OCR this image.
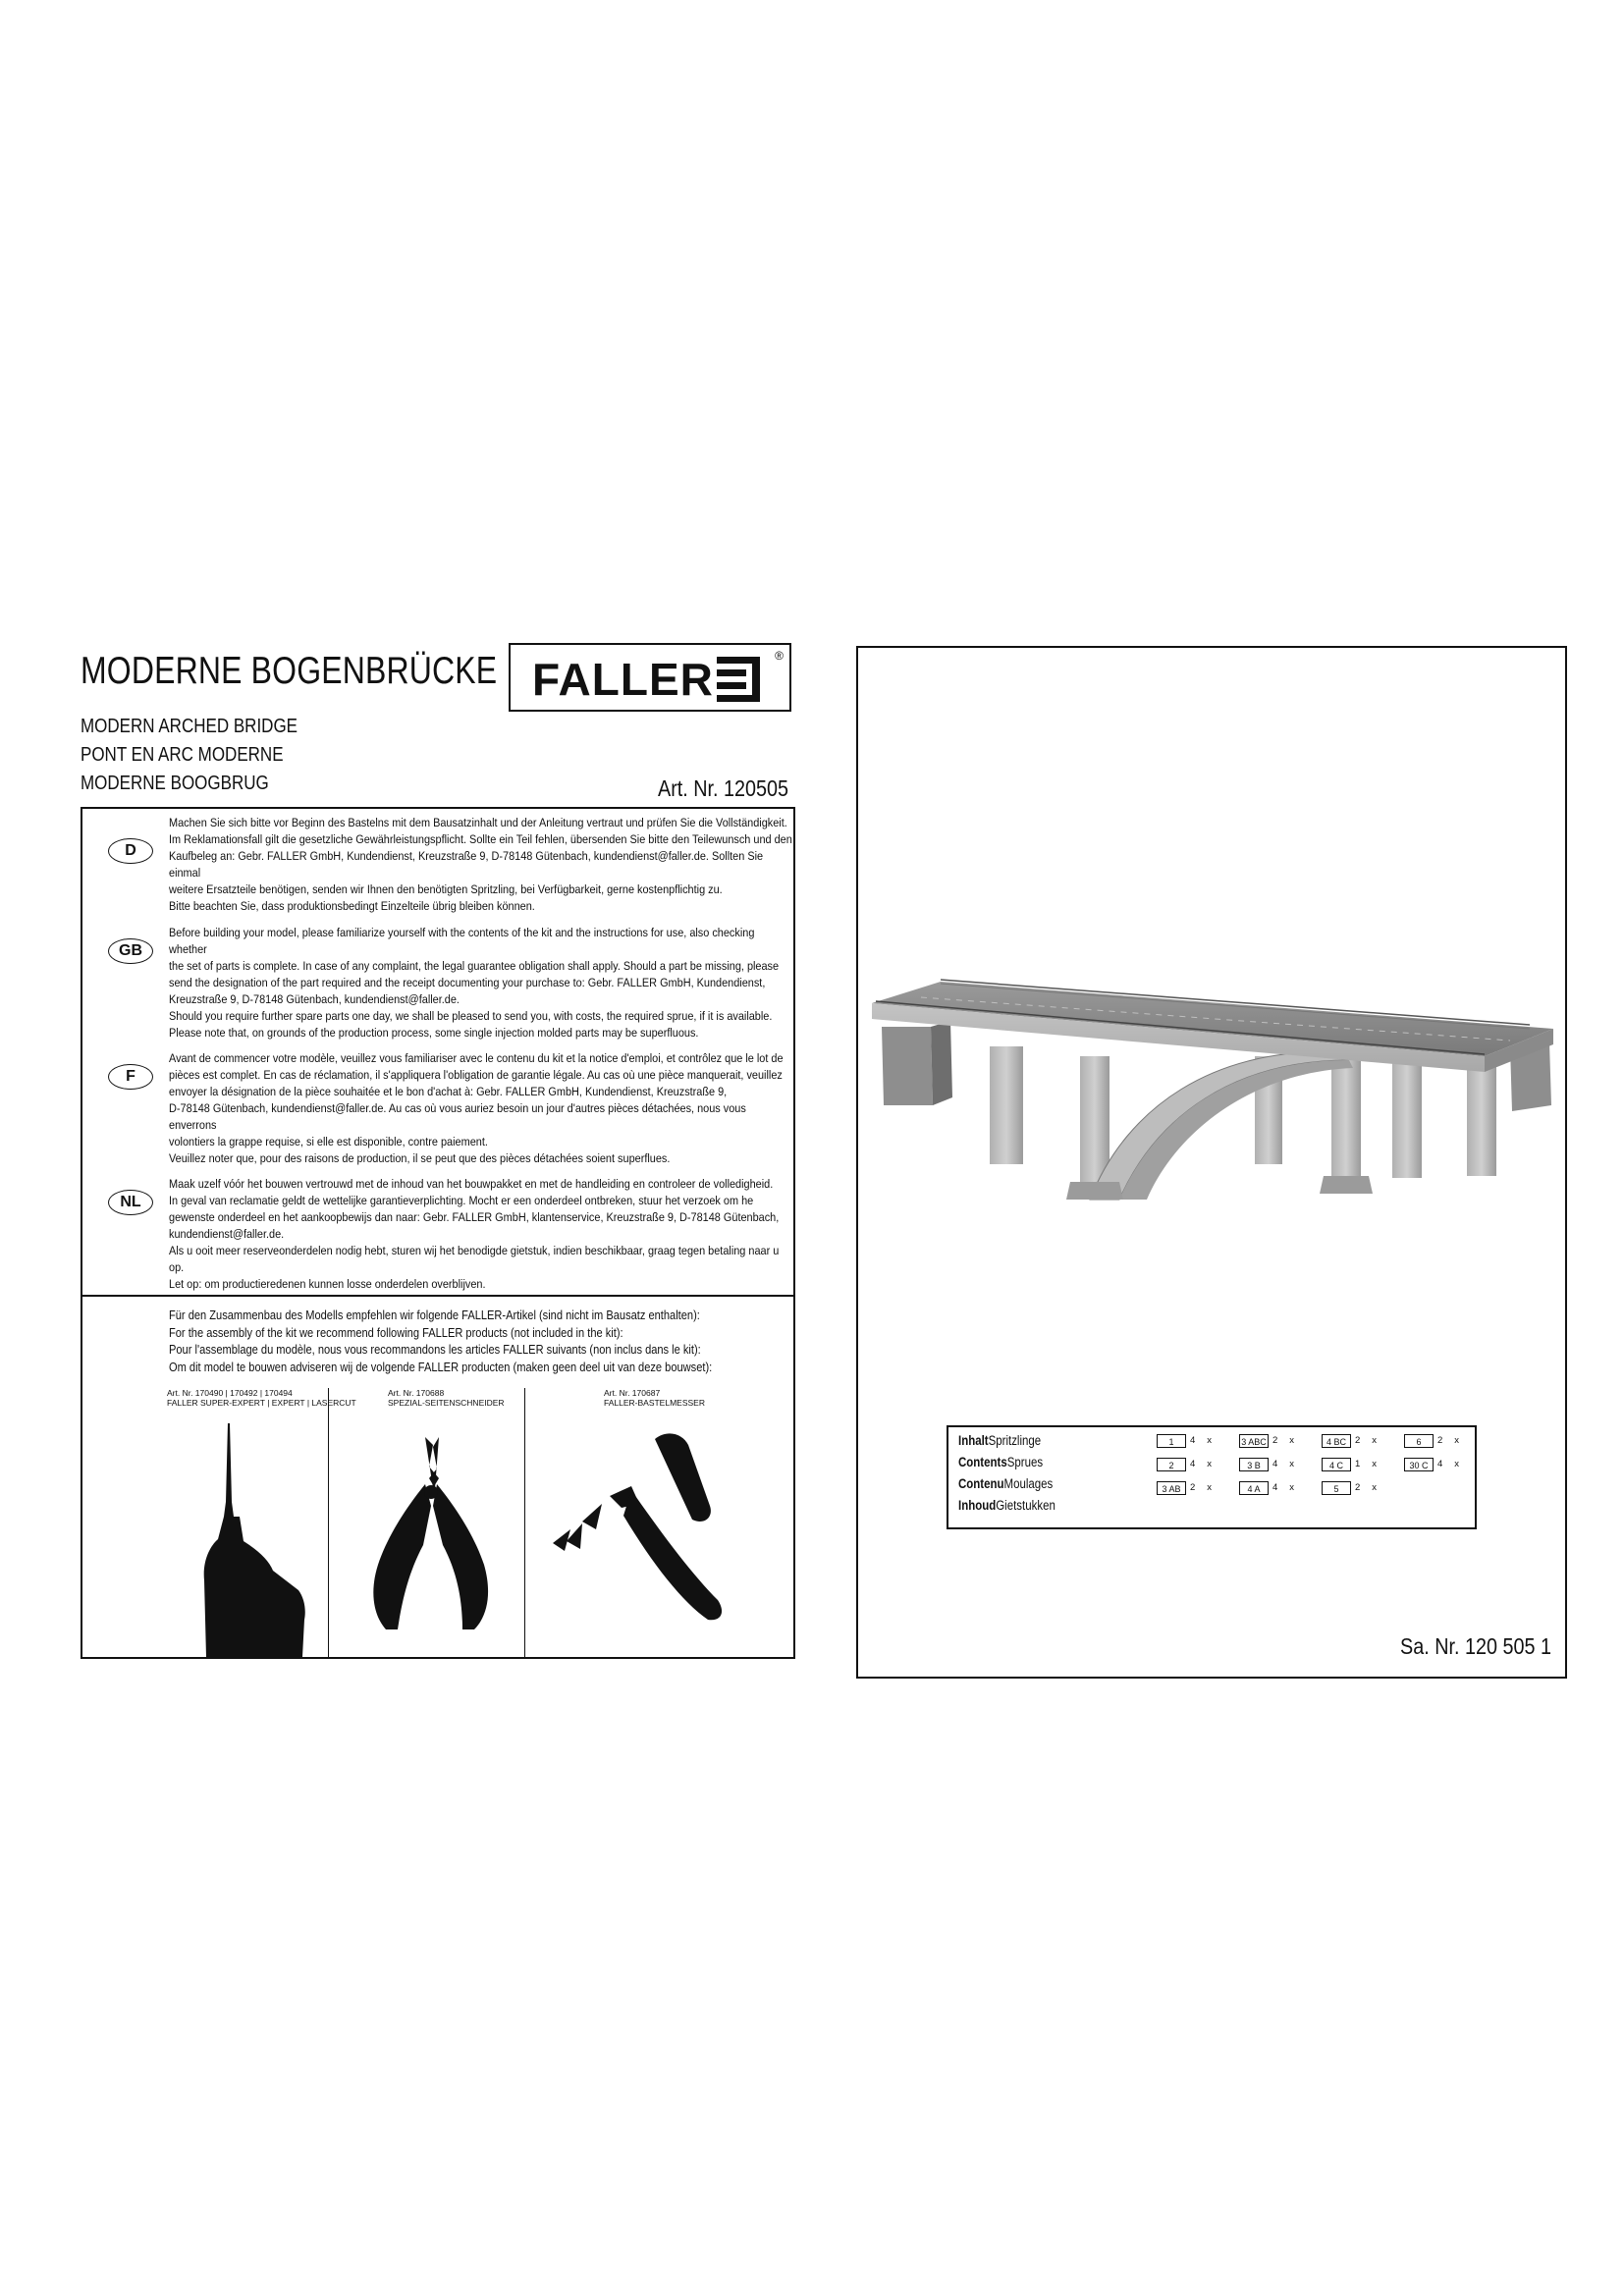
MODERNE BOGENBRÜCKE
MODERN ARCHED BRIDGE
PONT EN ARC MODERNE
MODERNE BOOGBRUG
FALLER	®
Art. Nr. 120505
D

Machen Sie sich bitte vor Beginn des Bastelns mit dem Bausatzinhalt und der Anleitung vertraut und prüfen Sie die Vollständigkeit.

Im Reklamationsfall gilt die gesetzliche Gewährleistungspflicht. Sollte ein Teil fehlen, übersenden Sie bitte den Teilewunsch und den

Kaufbeleg an: Gebr. FALLER GmbH, Kundendienst, Kreuzstraße 9, D-78148 Gütenbach, kundendienst@faller.de. Sollten Sie einmal

weitere Ersatzteile benötigen, senden wir Ihnen den benötigten Spritzling, bei Verfügbarkeit, gerne kostenpflichtig zu.

Bitte beachten Sie, dass produktionsbedingt Einzelteile übrig bleiben können.

GB

Before building your model, please familiarize yourself with the contents of the kit and the instructions for use, also checking whether

the set of parts is complete. In case of any complaint, the legal guarantee obligation shall apply. Should a part be missing, please

send the designation of the part required and the receipt documenting your purchase to: Gebr. FALLER GmbH, Kundendienst,

Kreuzstraße 9, D-78148 Gütenbach, kundendienst@faller.de.

Should you require further spare parts one day, we shall be pleased to send you, with costs, the required sprue, if it is available.

Please note that, on grounds of the production process, some single injection molded parts may be superfluous.

F

Avant de commencer votre modèle, veuillez vous familiariser avec le contenu du kit et la notice d'emploi, et contrôlez que le lot de

pièces est complet. En cas de réclamation, il s'appliquera l'obligation de garantie légale. Au cas où une pièce manquerait, veuillez

envoyer la désignation de la pièce souhaitée et le bon d'achat à: Gebr. FALLER GmbH, Kundendienst, Kreuzstraße 9,

D-78148 Gütenbach, kundendienst@faller.de. Au cas où vous auriez besoin un jour d'autres pièces détachées, nous vous enverrons

volontiers la grappe requise, si elle est disponible, contre paiement.

Veuillez noter que, pour des raisons de production, il se peut que des pièces détachées soient superflues.

NL

Maak uzelf vóór het bouwen vertrouwd met de inhoud van het bouwpakket en met de handleiding en controleer de volledigheid.

In geval van reclamatie geldt de wettelijke garantieverplichting. Mocht er een onderdeel ontbreken, stuur het verzoek om he

gewenste onderdeel en het aankoopbewijs dan naar: Gebr. FALLER GmbH, klantenservice, Kreuzstraße 9, D-78148 Gütenbach,

kundendienst@faller.de.

Als u ooit meer reserveonderdelen nodig hebt, sturen wij het benodigde gietstuk, indien beschikbaar, graag tegen betaling naar u op.

Let op: om productieredenen kunnen losse onderdelen overblijven.

Für den Zusammenbau des Modells empfehlen wir folgende FALLER-Artikel (sind nicht im Bausatz enthalten):

For the assembly of the kit we recommend following FALLER products (not included in the kit):

Pour l'assemblage du modèle, nous vous recommandons les articles FALLER suivants (non inclus dans le kit):

Om dit model te bouwen adviseren wij de volgende FALLER producten (maken geen deel uit van deze bouwset):

Art. Nr. 170490 | 170492 | 170494
FALLER SUPER-EXPERT | EXPERT | LASERCUT
Art. Nr. 170688
SPEZIAL-SEITENSCHNEIDER
Art. Nr. 170687
FALLER-BASTELMESSER
InhaltSpritzlinge
ContentsSprues
ContenuMoulages
InhoudGietstukken
1 4 x	3 ABC 2 x	4 BC 2 x	6 2 x
2 4 x	3 B 4 x	4 C 1 x	30 C 4 x
3 AB 2 x	4 A 4 x	5 2 x
Sa. Nr. 120 505 1
